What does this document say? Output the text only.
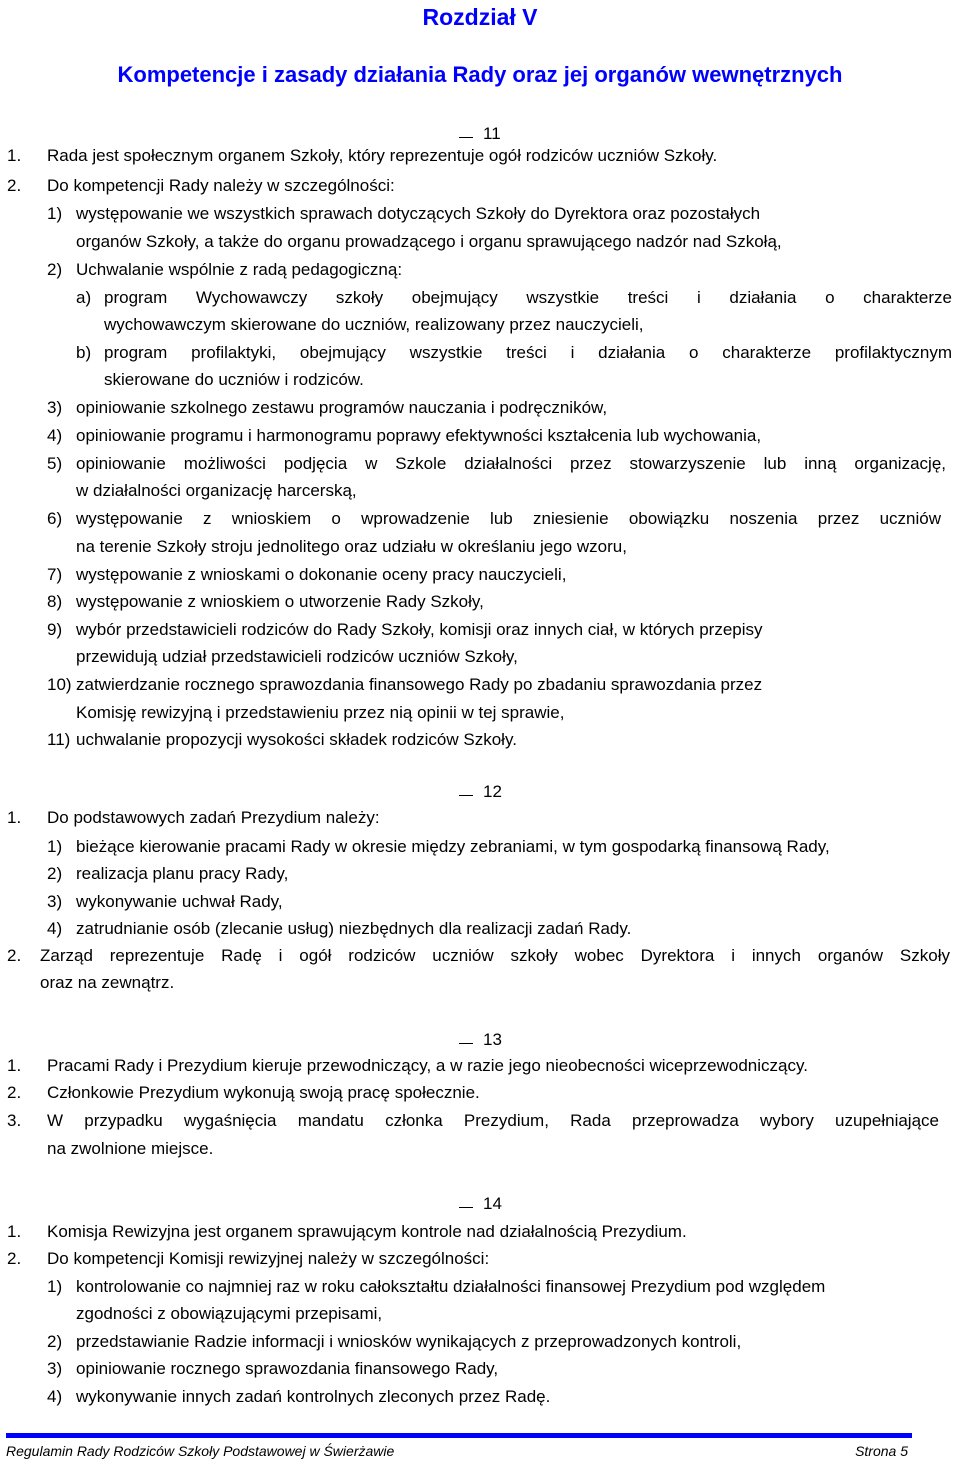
Rozdział V
Kompetencje i zasady działania Rady oraz jej organów wewnętrznych
11
1. Rada jest społecznym organem Szkoły, który reprezentuje ogół rodziców uczniów Szkoły.
2. Do kompetencji Rady należy w szczególności:
1) występowanie we wszystkich sprawach dotyczących Szkoły do Dyrektora oraz pozostałych
organów Szkoły, a także do organu prowadzącego i organu sprawującego nadzór nad Szkołą,
2) Uchwalanie wspólnie z radą pedagogiczną:
a) program Wychowawczy szkoły obejmujący wszystkie treści i działania o charakterze
wychowawczym skierowane do uczniów, realizowany przez nauczycieli,
b) program profilaktyki, obejmujący wszystkie treści i działania o charakterze profilaktycznym
skierowane do uczniów i rodziców.
3) opiniowanie szkolnego zestawu programów nauczania i podręczników,
4) opiniowanie programu i harmonogramu poprawy efektywności kształcenia lub wychowania,
5) opiniowanie możliwości podjęcia w Szkole działalności przez stowarzyszenie lub inną organizację,
w działalności organizację harcerską,
6) występowanie z wnioskiem o wprowadzenie lub zniesienie obowiązku noszenia przez uczniów
na terenie Szkoły stroju jednolitego oraz udziału w określaniu jego wzoru,
7) występowanie z wnioskami o dokonanie oceny pracy nauczycieli,
8) występowanie z wnioskiem o utworzenie Rady Szkoły,
9) wybór przedstawicieli rodziców do Rady Szkoły, komisji oraz innych ciał, w których przepisy
przewidują udział przedstawicieli rodziców uczniów Szkoły,
10) zatwierdzanie rocznego sprawozdania finansowego Rady po zbadaniu sprawozdania przez
Komisję rewizyjną i przedstawieniu przez nią opinii w tej sprawie,
11) uchwalanie propozycji wysokości składek rodziców Szkoły.
12
1. Do podstawowych zadań Prezydium należy:
1) bieżące kierowanie pracami Rady w okresie między zebraniami, w tym gospodarką finansową Rady,
2) realizacja planu pracy Rady,
3) wykonywanie uchwał Rady,
4) zatrudnianie osób (zlecanie usług) niezbędnych dla realizacji zadań Rady.
2. Zarząd reprezentuje Radę i ogół rodziców uczniów szkoły wobec Dyrektora i innych organów Szkoły
oraz na zewnątrz.
13
1. Pracami Rady i Prezydium kieruje przewodniczący, a w razie jego nieobecności wiceprzewodniczący.
2. Członkowie Prezydium wykonują swoją pracę społecznie.
3. W przypadku wygaśnięcia mandatu członka Prezydium, Rada przeprowadza wybory uzupełniające
na zwolnione miejsce.
14
1. Komisja Rewizyjna jest organem sprawującym kontrole nad działalnością Prezydium.
2. Do kompetencji Komisji rewizyjnej należy w szczególności:
1) kontrolowanie co najmniej raz w roku całokształtu działalności finansowej Prezydium pod względem
zgodności z obowiązującymi przepisami,
2) przedstawianie Radzie informacji i wniosków wynikających z przeprowadzonych kontroli,
3) opiniowanie rocznego sprawozdania finansowego Rady,
4) wykonywanie innych zadań kontrolnych zleconych przez Radę.
Regulamin Rady Rodziców Szkoły Podstawowej w Świerżawie	Strona 5
